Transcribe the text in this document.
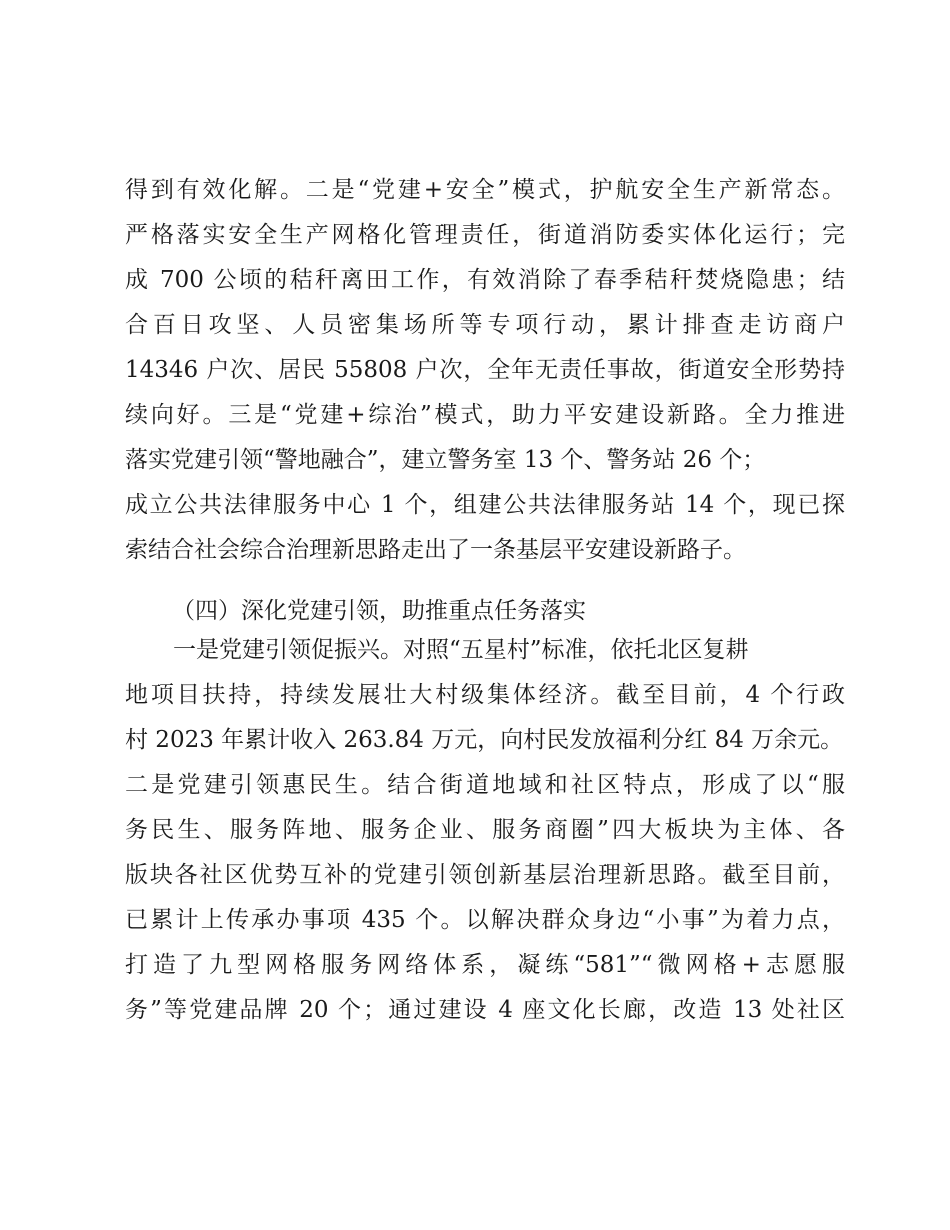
得到有效化解。二是“党建+安全”模式，护航安全生产新常态。
严格落实安全生产网格化管理责任，街道消防委实体化运行；完
成 700 公顷的秸秆离田工作，有效消除了春季秸秆焚烧隐患；结
合百日攻坚、人员密集场所等专项行动，累计排查走访商户
14346 户次、居民 55808 户次，全年无责任事故，街道安全形势持
续向好。三是“党建+综治”模式，助力平安建设新路。全力推进
落实党建引领“警地融合”，建立警务室 13 个、警务站 26 个；
成立公共法律服务中心 1 个，组建公共法律服务站 14 个，现已探
索结合社会综合治理新思路走出了一条基层平安建设新路子。
（四）深化党建引领，助推重点任务落实
一是党建引领促振兴。对照“五星村”标准，依托北区复耕
地项目扶持，持续发展壮大村级集体经济。截至目前，4 个行政
村 2023 年累计收入 263.84 万元，向村民发放福利分红 84 万余元。
二是党建引领惠民生。结合街道地域和社区特点，形成了以“服
务民生、服务阵地、服务企业、服务商圈”四大板块为主体、各
版块各社区优势互补的党建引领创新基层治理新思路。截至目前，
已累计上传承办事项 435 个。以解决群众身边“小事”为着力点，
打造了九型网格服务网络体系，凝练“581”“微网格+志愿服
务”等党建品牌 20 个；通过建设 4 座文化长廊，改造 13 处社区
